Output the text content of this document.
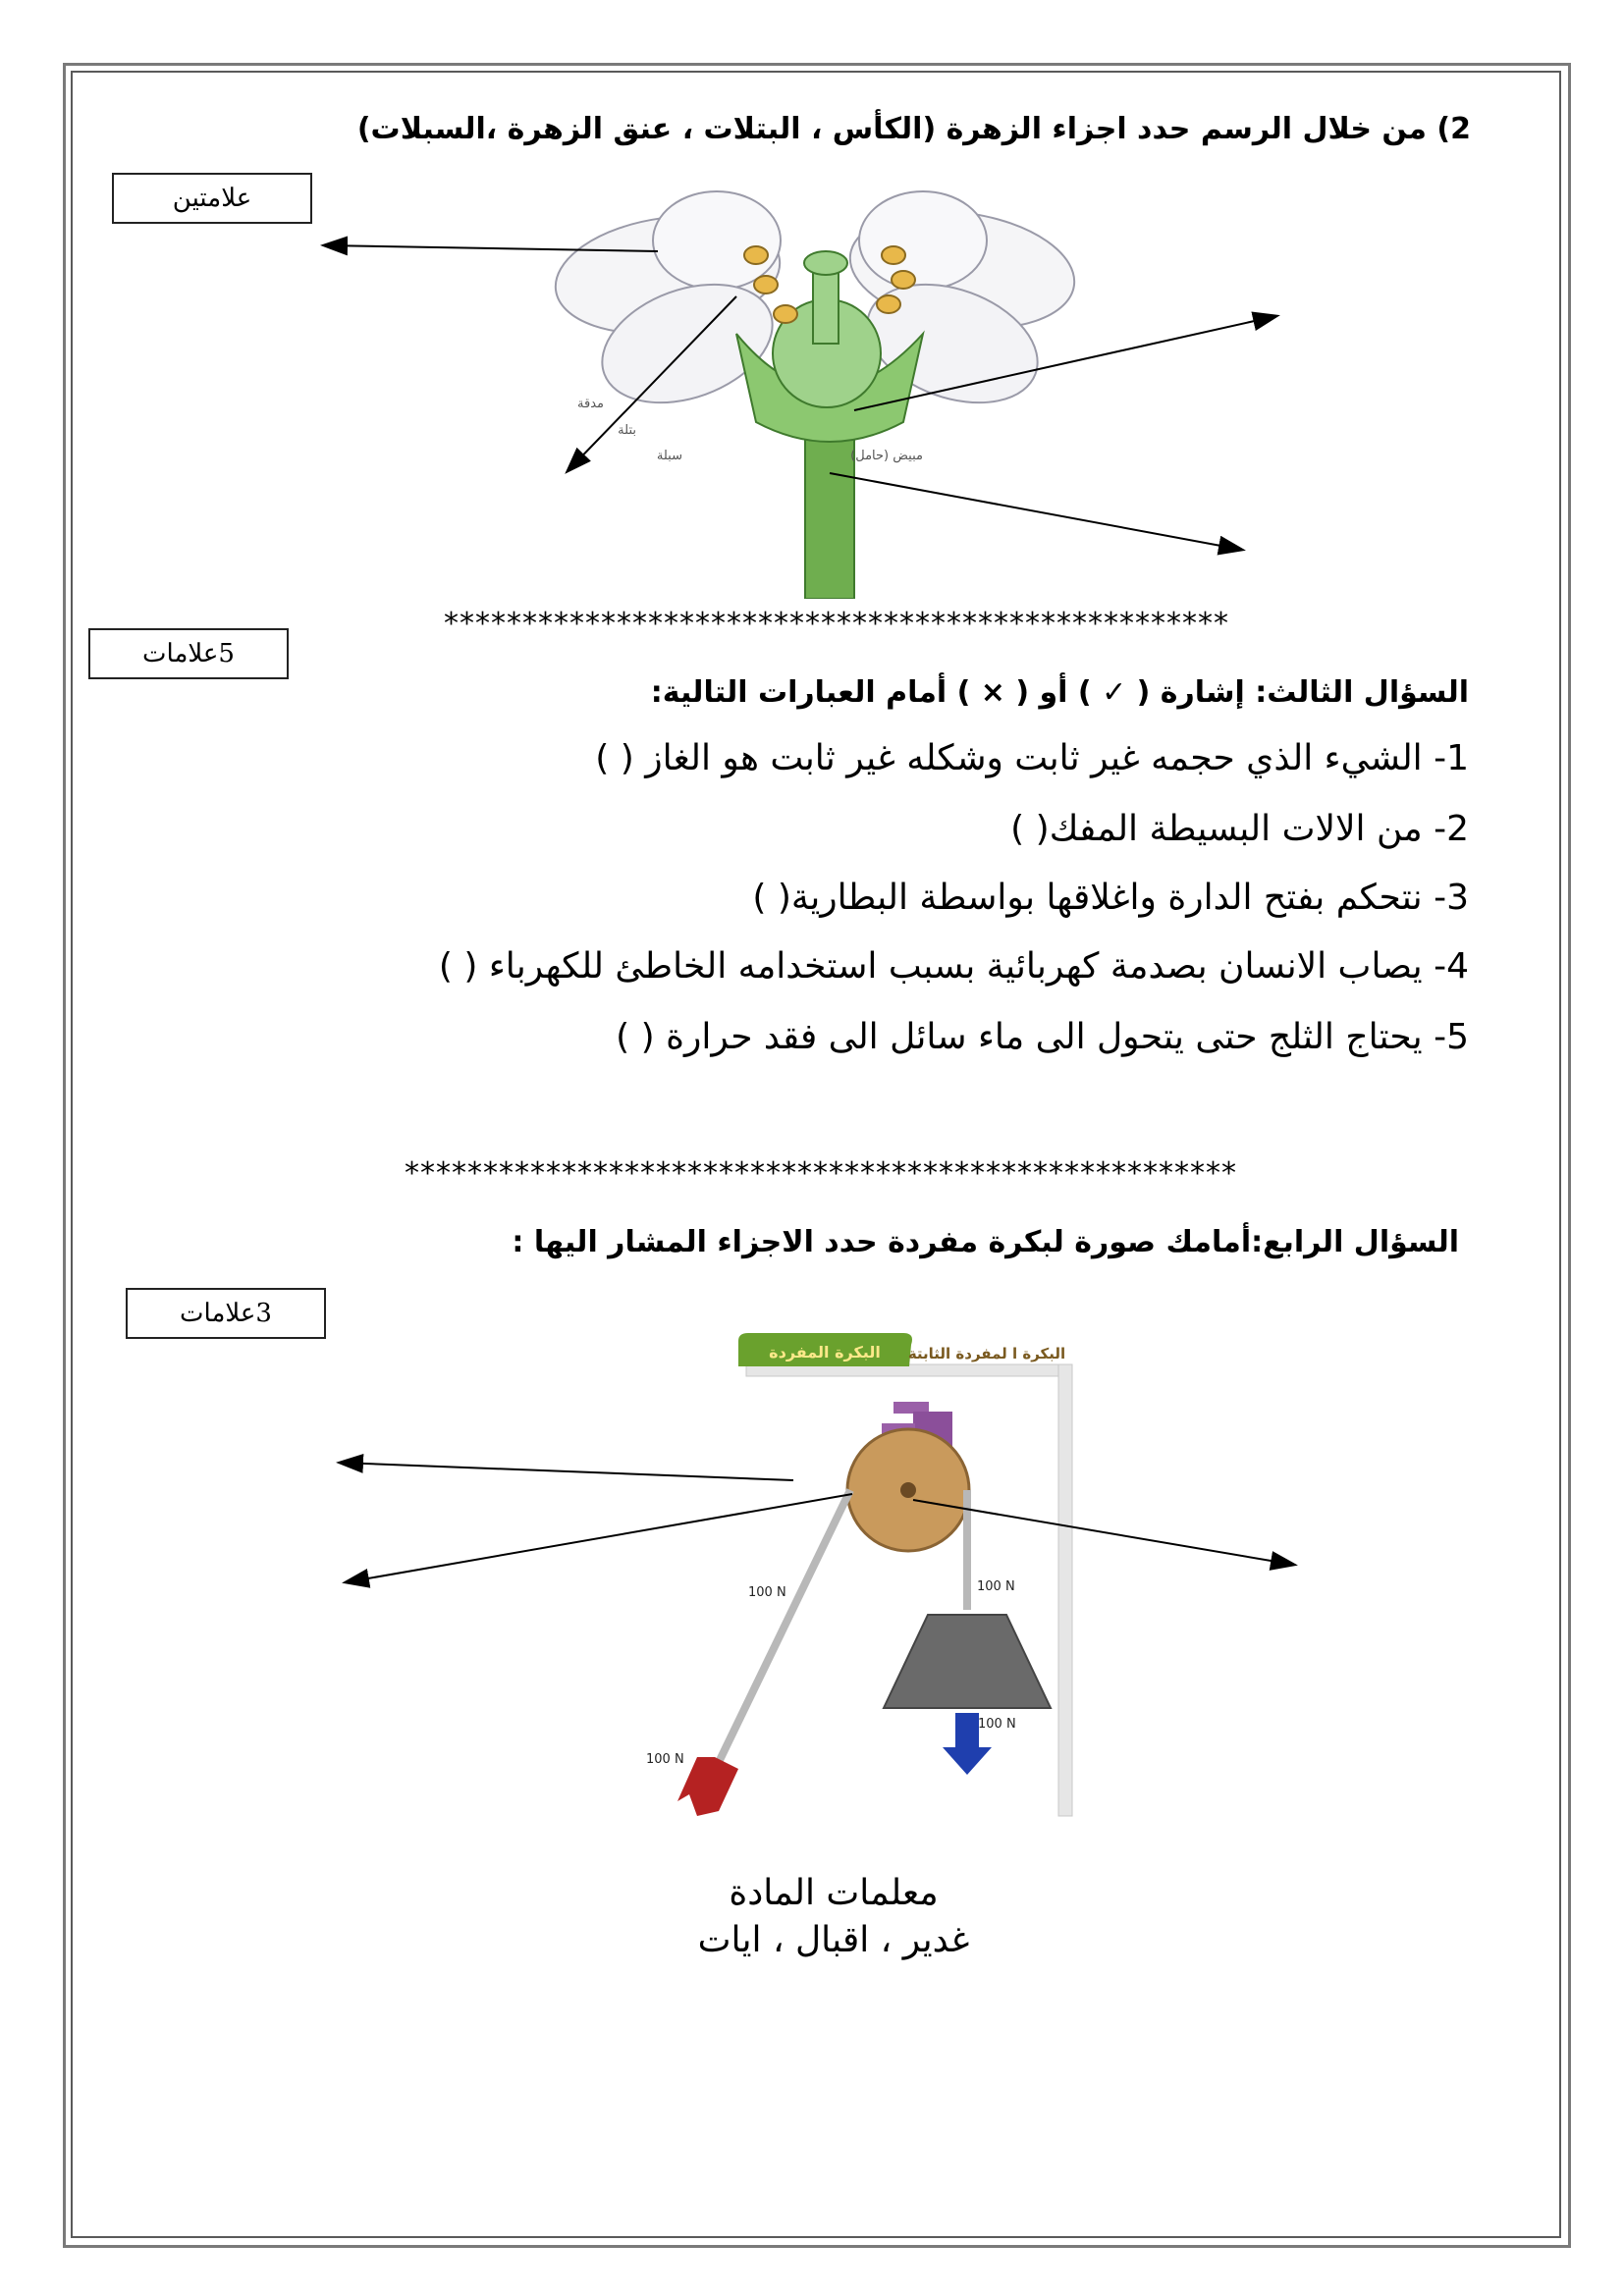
2) من خلال الرسم حدد اجزاء الزهرة (الكأس ، البتلات ، عنق الزهرة ،السبلات)
علامتين
مدقة
بتلة
سبلة	مبيض (حامل)
**************************************************
5علامات
السؤال الثالث: إشارة ( ✓ ) أو ( × ) أمام العبارات التالية:
1- الشيء الذي حجمه غير ثابت وشكله غير ثابت هو الغاز ( )
2- من الالات البسيطة المفك( )
3- نتحكم بفتح الدارة واغلاقها بواسطة البطارية( )
4- يصاب الانسان بصدمة كهربائية بسبب استخدامه الخاطئ للكهرباء ( )
5- يحتاج الثلج حتى يتحول الى ماء سائل الى فقد حرارة ( )
*****************************************************
السؤال الرابع:أمامك صورة لبكرة مفردة حدد الاجزاء المشار اليها :
3علامات
البكرة المفردة البكرة ا لمفردة الثابتة
100 N	100 N
100 N
100 N
معلمات المادة
غدير ، اقبال ، ايات
